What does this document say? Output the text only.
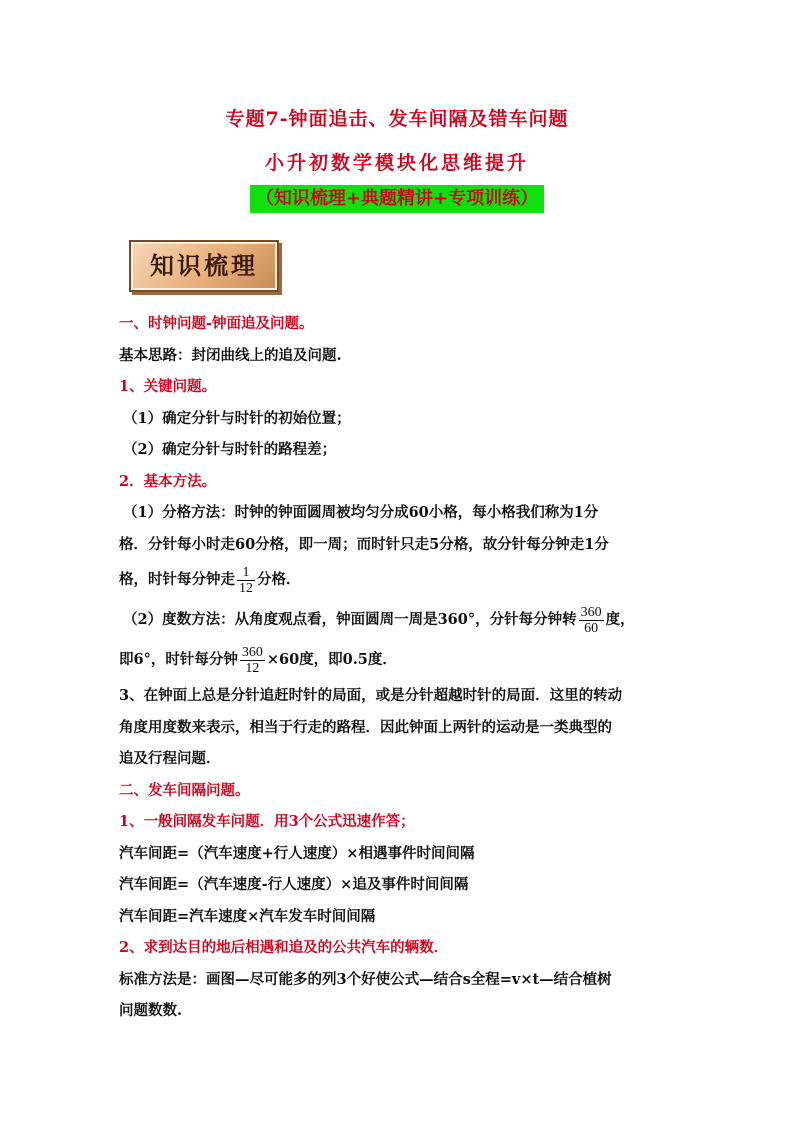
专题7-钟面追击、发车间隔及错车问题
小升初数学模块化思维提升
（知识梳理+典题精讲+专项训练）
知识梳理
一、时钟问题-钟面追及问题。
基本思路：封闭曲线上的追及问题.
1、关键问题。
（1）确定分针与时针的初始位置；
（2）确定分针与时针的路程差；
2．基本方法。
（1）分格方法：时钟的钟面圆周被均匀分成60小格，每小格我们称为1分
格．分针每小时走60分格，即一周；而时针只走5分格，故分针每分钟走1分
格，时针每分钟走 $\frac{1}{12}$ 分格．
（2）度数方法：从角度观点看，钟面圆周一周是360°，分针每分钟转 $\frac{360}{60}$ 度，
即6°，时针每分钟 $\frac{360}{12} \times 60$度，即0.5度．
3、在钟面上总是分针追赶时针的局面，或是分针超越时针的局面．这里的转动
角度用度数来表示，相当于行走的路程．因此钟面上两针的运动是一类典型的
追及行程问题．
二、发车间隔问题。
1、一般间隔发车问题．用3个公式迅速作答；
汽车间距=（汽车速度+行人速度）×相遇事件时间间隔
汽车间距=（汽车速度-行人速度）×追及事件时间间隔
汽车间距=汽车速度×汽车发车时间间隔
2、求到达目的地后相遇和追及的公共汽车的辆数．
标准方法是：画图—尽可能多的列3个好使公式—结合s全程=v×t—结合植树
问题数数.
